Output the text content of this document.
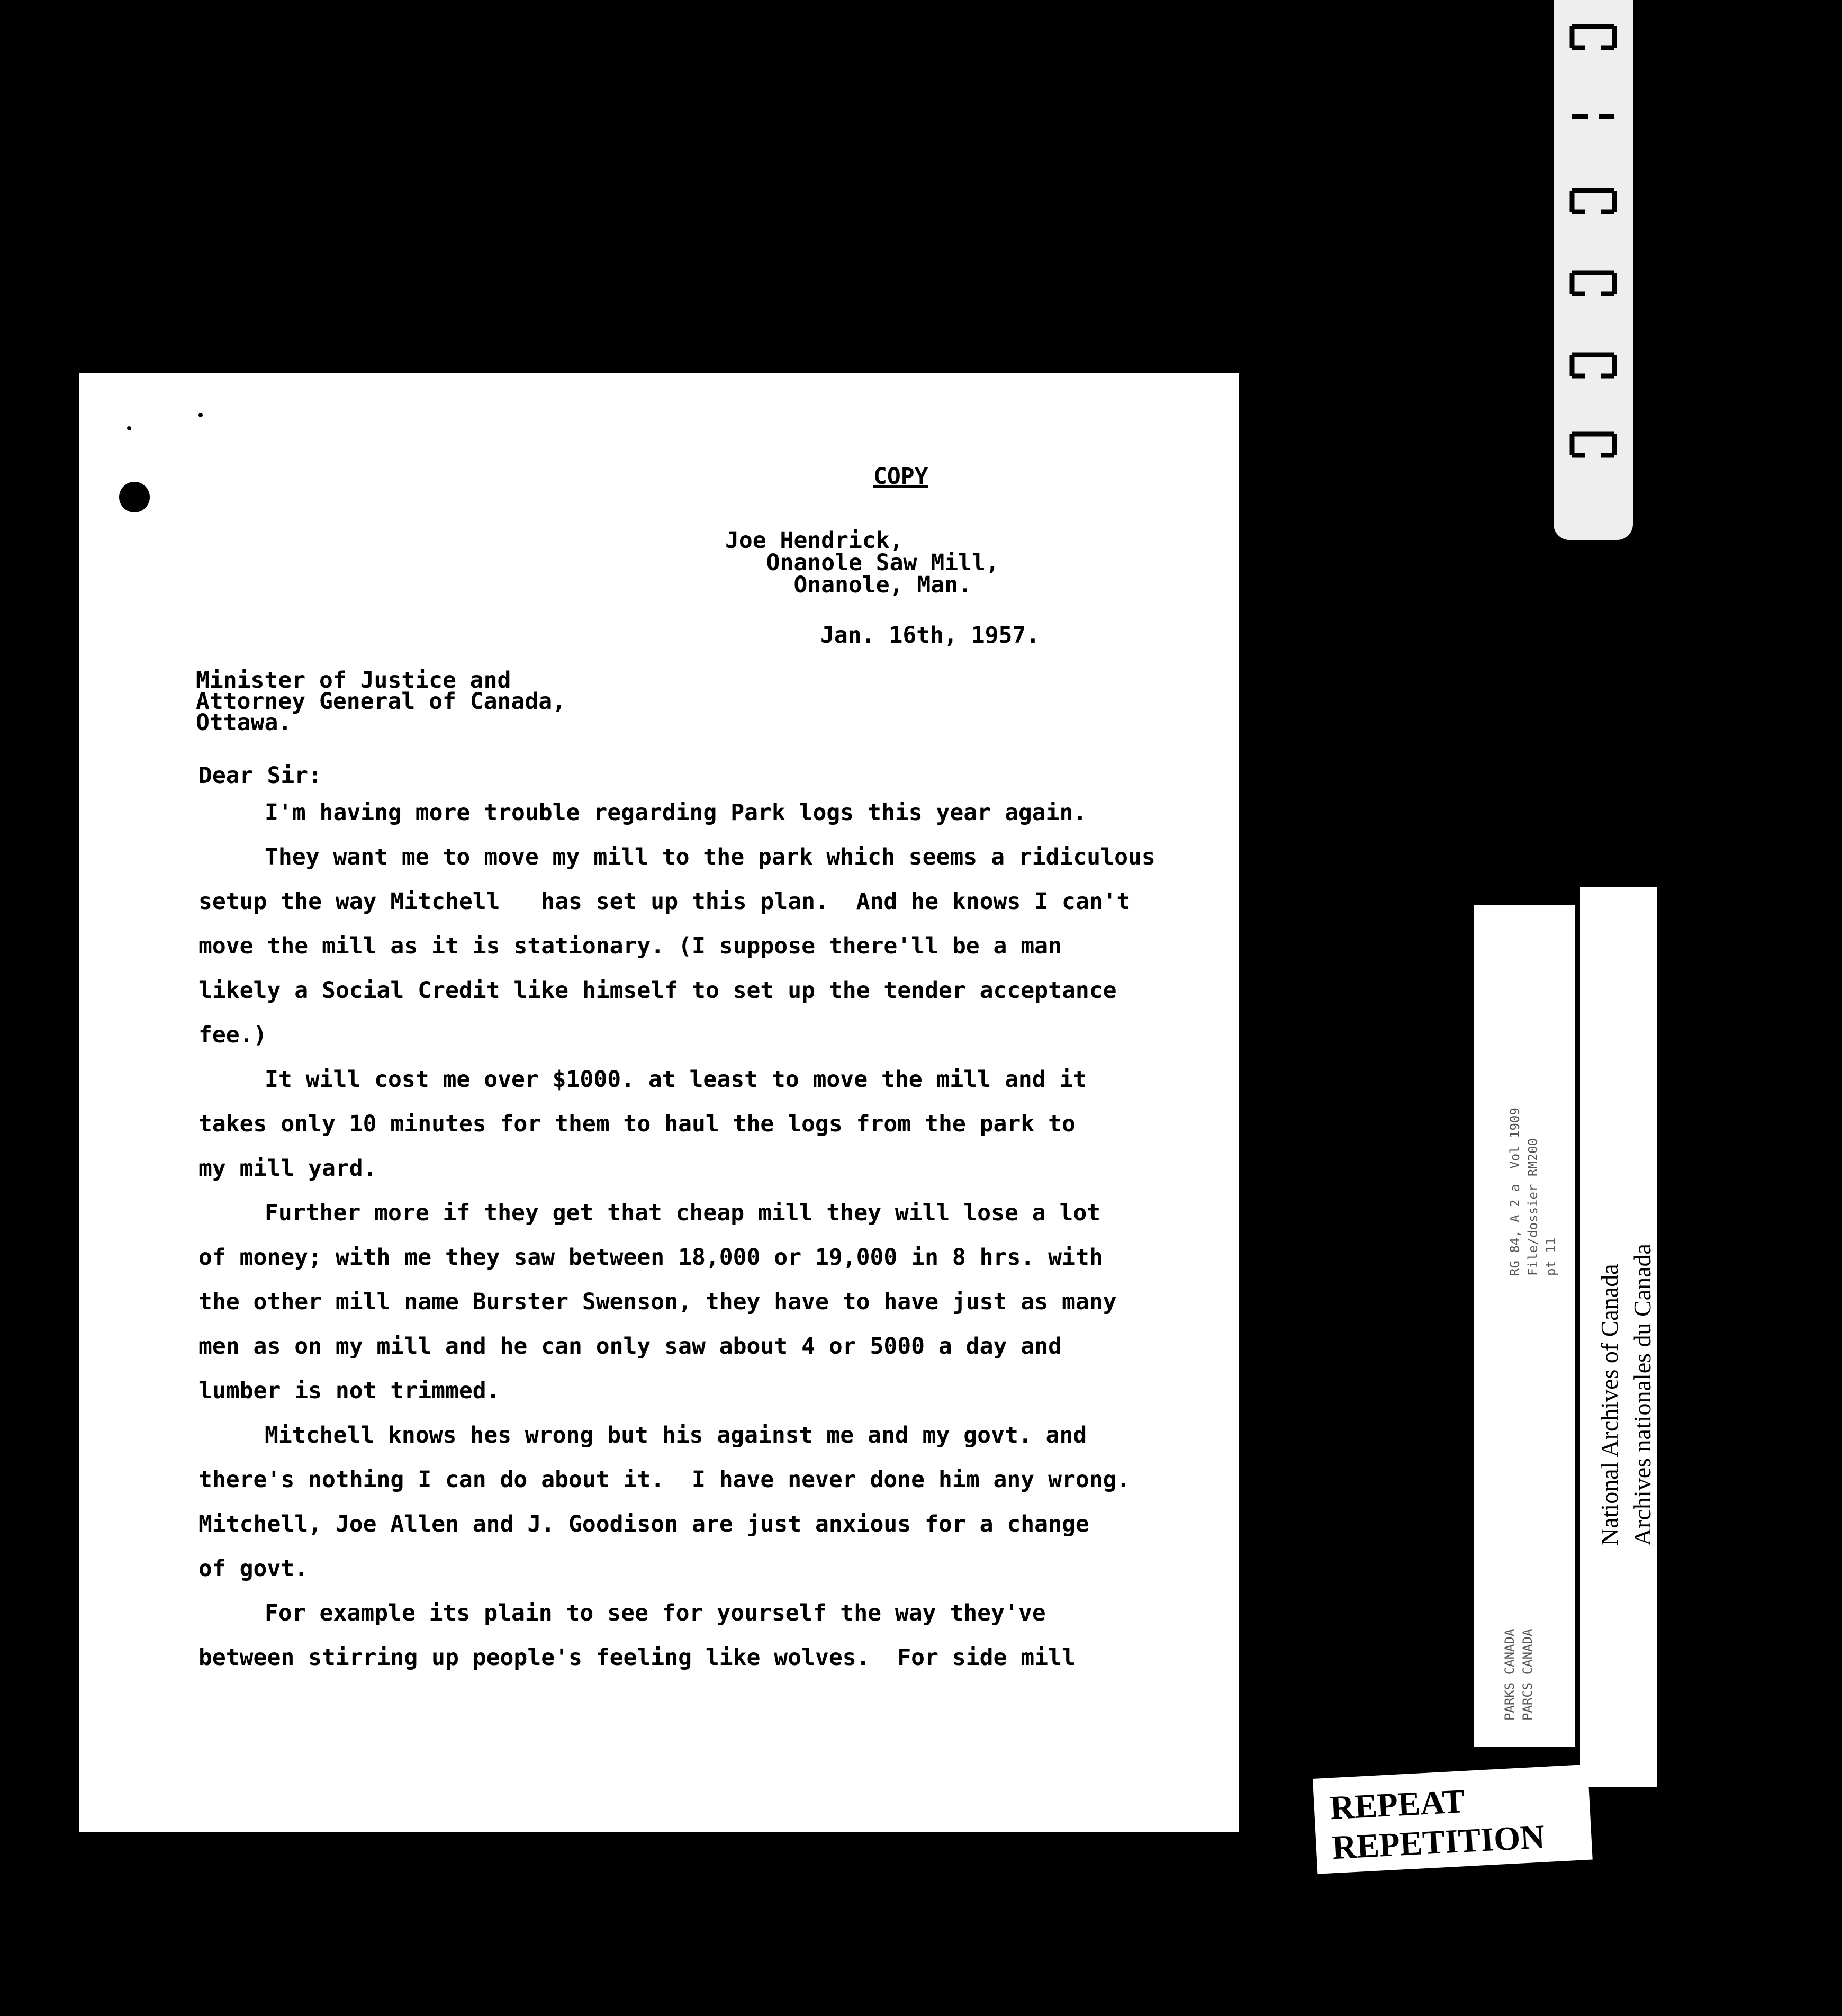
COPY
Joe Hendrick,
Onanole Saw Mill,
Onanole, Man.
Jan. 16th, 1957.
Minister of Justice and
Attorney General of Canada,
Ottawa.
Dear Sir:
I'm having more trouble regarding Park logs this year again.
They want me to move my mill to the park which seems a ridiculous
setup the way Mitchell   has set up this plan.  And he knows I can't
move the mill as it is stationary. (I suppose there'll be a man
likely a Social Credit like himself to set up the tender acceptance
fee.)
It will cost me over $1000. at least to move the mill and it
takes only 10 minutes for them to haul the logs from the park to
my mill yard.
Further more if they get that cheap mill they will lose a lot
of money; with me they saw between 18,000 or 19,000 in 8 hrs. with
the other mill name Burster Swenson, they have to have just as many
men as on my mill and he can only saw about 4 or 5000 a day and
lumber is not trimmed.
Mitchell knows hes wrong but his against me and my govt. and
there's nothing I can do about it.  I have never done him any wrong.
Mitchell, Joe Allen and J. Goodison are just anxious for a change
of govt.
For example its plain to see for yourself the way they've
between stirring up people's feeling like wolves.  For side mill	PARKS CANADA PARCS CANADA
RG 84, A 2 a  Vol 1909 File/dossier RM200 pt 11
National Archives of Canada Archives nationales du Canada
REPEAT
REPETITION
